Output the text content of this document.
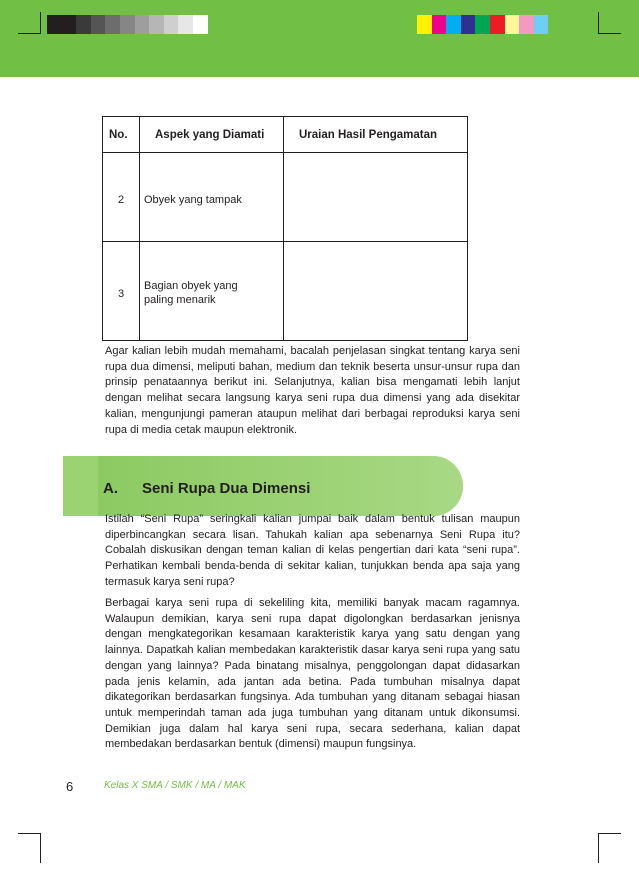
No. Aspek yang Diamati	Uraian Hasil Pengamatan
2 Obyek yang tampak
3
Bagian obyek yang
paling menarik
Agar kalian lebih mudah memahami, bacalah penjelasan singkat tentang karya seni rupa dua dimensi, meliputi bahan, medium dan teknik beserta unsur-unsur rupa dan prinsip penataannya berikut ini. Selanjutnya, kalian bisa mengamati lebih lanjut dengan melihat secara langsung karya seni rupa dua dimensi yang ada disekitar kalian, mengunjungi pameran ataupun melihat dari berbagai reproduksi karya seni rupa di media cetak maupun elektronik.
A. Seni Rupa Dua Dimensi
Istilah “Seni Rupa” seringkali kalian jumpai baik dalam bentuk tulisan maupun diperbincangkan secara lisan. Tahukah kalian apa sebenarnya Seni Rupa itu? Cobalah diskusikan dengan teman kalian di kelas pengertian dari kata “seni rupa”. Perhatikan kembali benda-benda di sekitar kalian, tunjukkan benda apa saja yang termasuk karya seni rupa?
Berbagai karya seni rupa di sekeliling kita, memiliki banyak macam ragamnya. Walaupun demikian, karya seni rupa dapat digolongkan berdasarkan jenisnya dengan mengkategorikan kesamaan karakteristik karya yang satu dengan yang lainnya. Dapatkah kalian membedakan karakteristik dasar karya seni rupa yang satu dengan yang lainnya? Pada binatang misalnya, penggolongan dapat didasarkan pada jenis kelamin, ada jantan ada betina. Pada tumbuhan misalnya dapat dikategorikan berdasarkan fungsinya. Ada tumbuhan yang ditanam sebagai hiasan untuk memperindah taman ada juga tumbuhan yang ditanam untuk dikonsumsi. Demikian juga dalam hal karya seni rupa, secara sederhana, kalian dapat membedakan berdasarkan bentuk (dimensi) maupun fungsinya.
6	Kelas X SMA / SMK / MA / MAK
